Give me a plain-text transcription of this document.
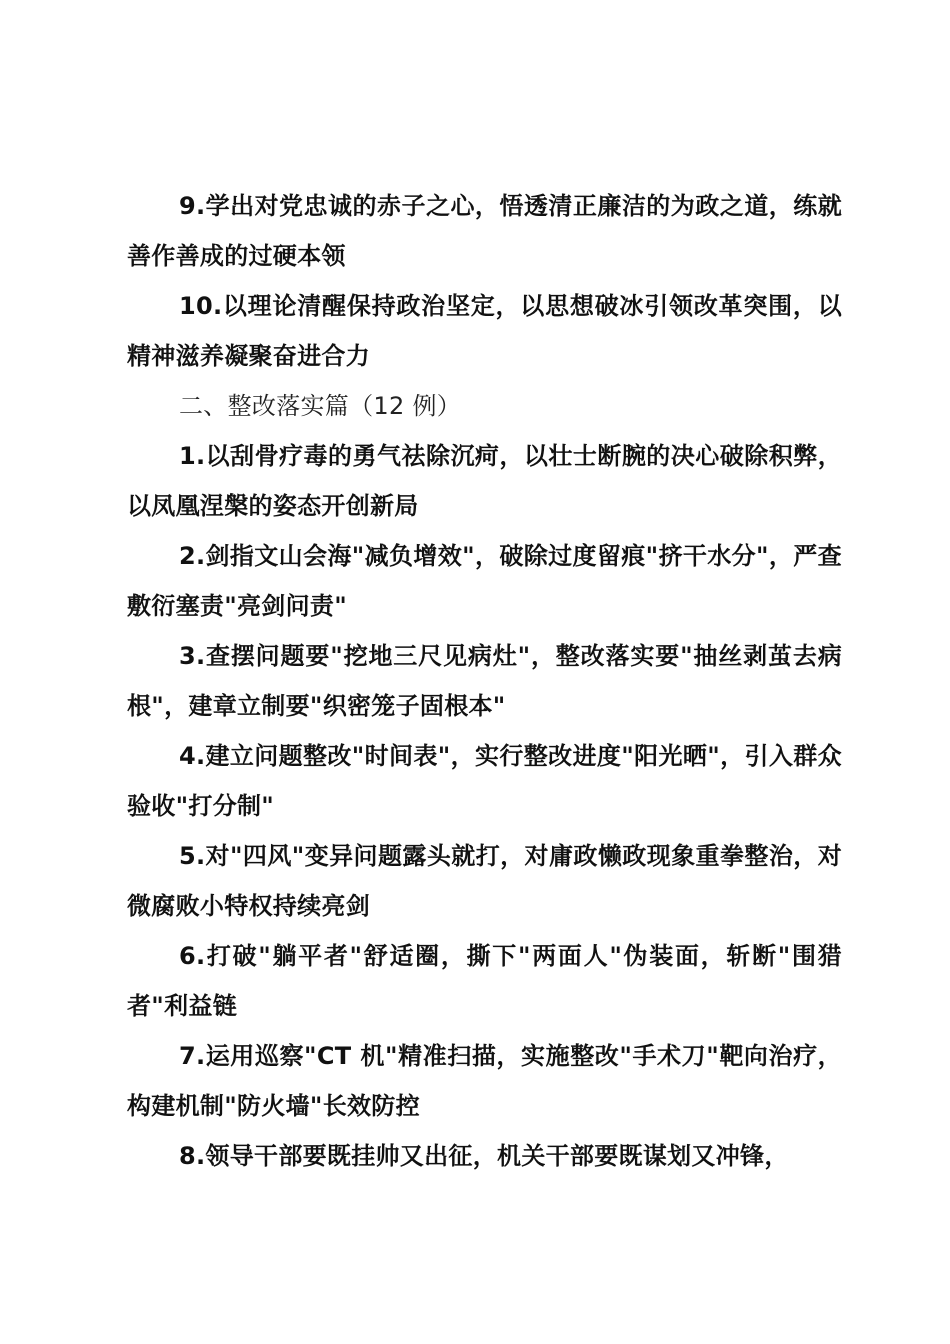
9.学出对党忠诚的赤子之心，悟透清正廉洁的为政之道，练就善作善成的过硬本领

10.以理论清醒保持政治坚定，以思想破冰引领改革突围，以精神滋养凝聚奋进合力

二、整改落实篇（12 例）

1.以刮骨疗毒的勇气祛除沉疴，以壮士断腕的决心破除积弊，以凤凰涅槃的姿态开创新局

2.剑指文山会海"减负增效"，破除过度留痕"挤干水分"，严查敷衍塞责"亮剑问责"

3.查摆问题要"挖地三尺见病灶"，整改落实要"抽丝剥茧去病根"，建章立制要"织密笼子固根本"

4.建立问题整改"时间表"，实行整改进度"阳光晒"，引入群众验收"打分制"

5.对"四风"变异问题露头就打，对庸政懒政现象重拳整治，对微腐败小特权持续亮剑

6.打破"躺平者"舒适圈，撕下"两面人"伪装面，斩断"围猎者"利益链

7.运用巡察"CT 机"精准扫描，实施整改"手术刀"靶向治疗，构建机制"防火墙"长效防控

8.领导干部要既挂帅又出征，机关干部要既谋划又冲锋，
